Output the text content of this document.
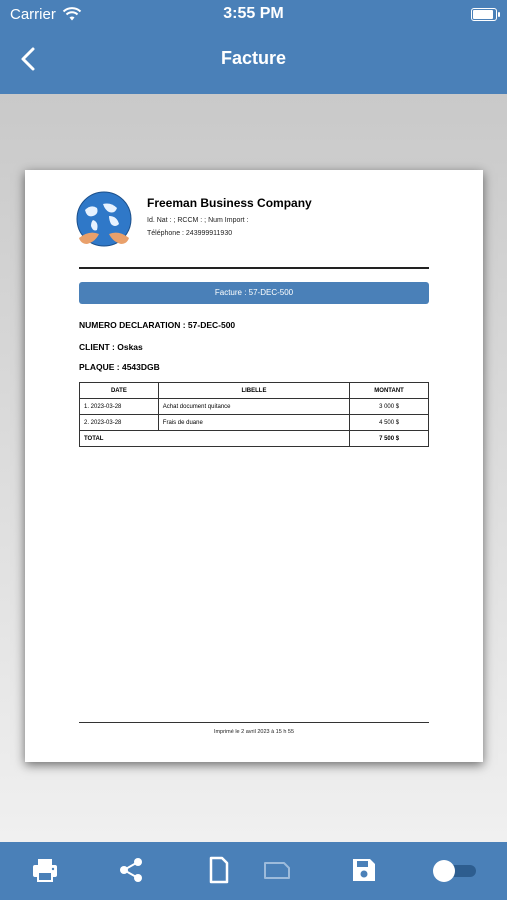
Carrier	3:55 PM
Facture
Freeman Business Company
Id. Nat : ; RCCM : ; Num Import :
Téléphone : 243999911930
Facture : 57-DEC-500
NUMERO DECLARATION : 57-DEC-500
CLIENT : Oskas
PLAQUE : 4543DGB
DATE	LIBELLE	MONTANT
1. 2023-03-28	Achat document quitance	3 000 $
2. 2023-03-28	Frais de duane	4 500 $
TOTAL		7 500 $
Imprimé le 2 avril 2023 à 15 h 55
